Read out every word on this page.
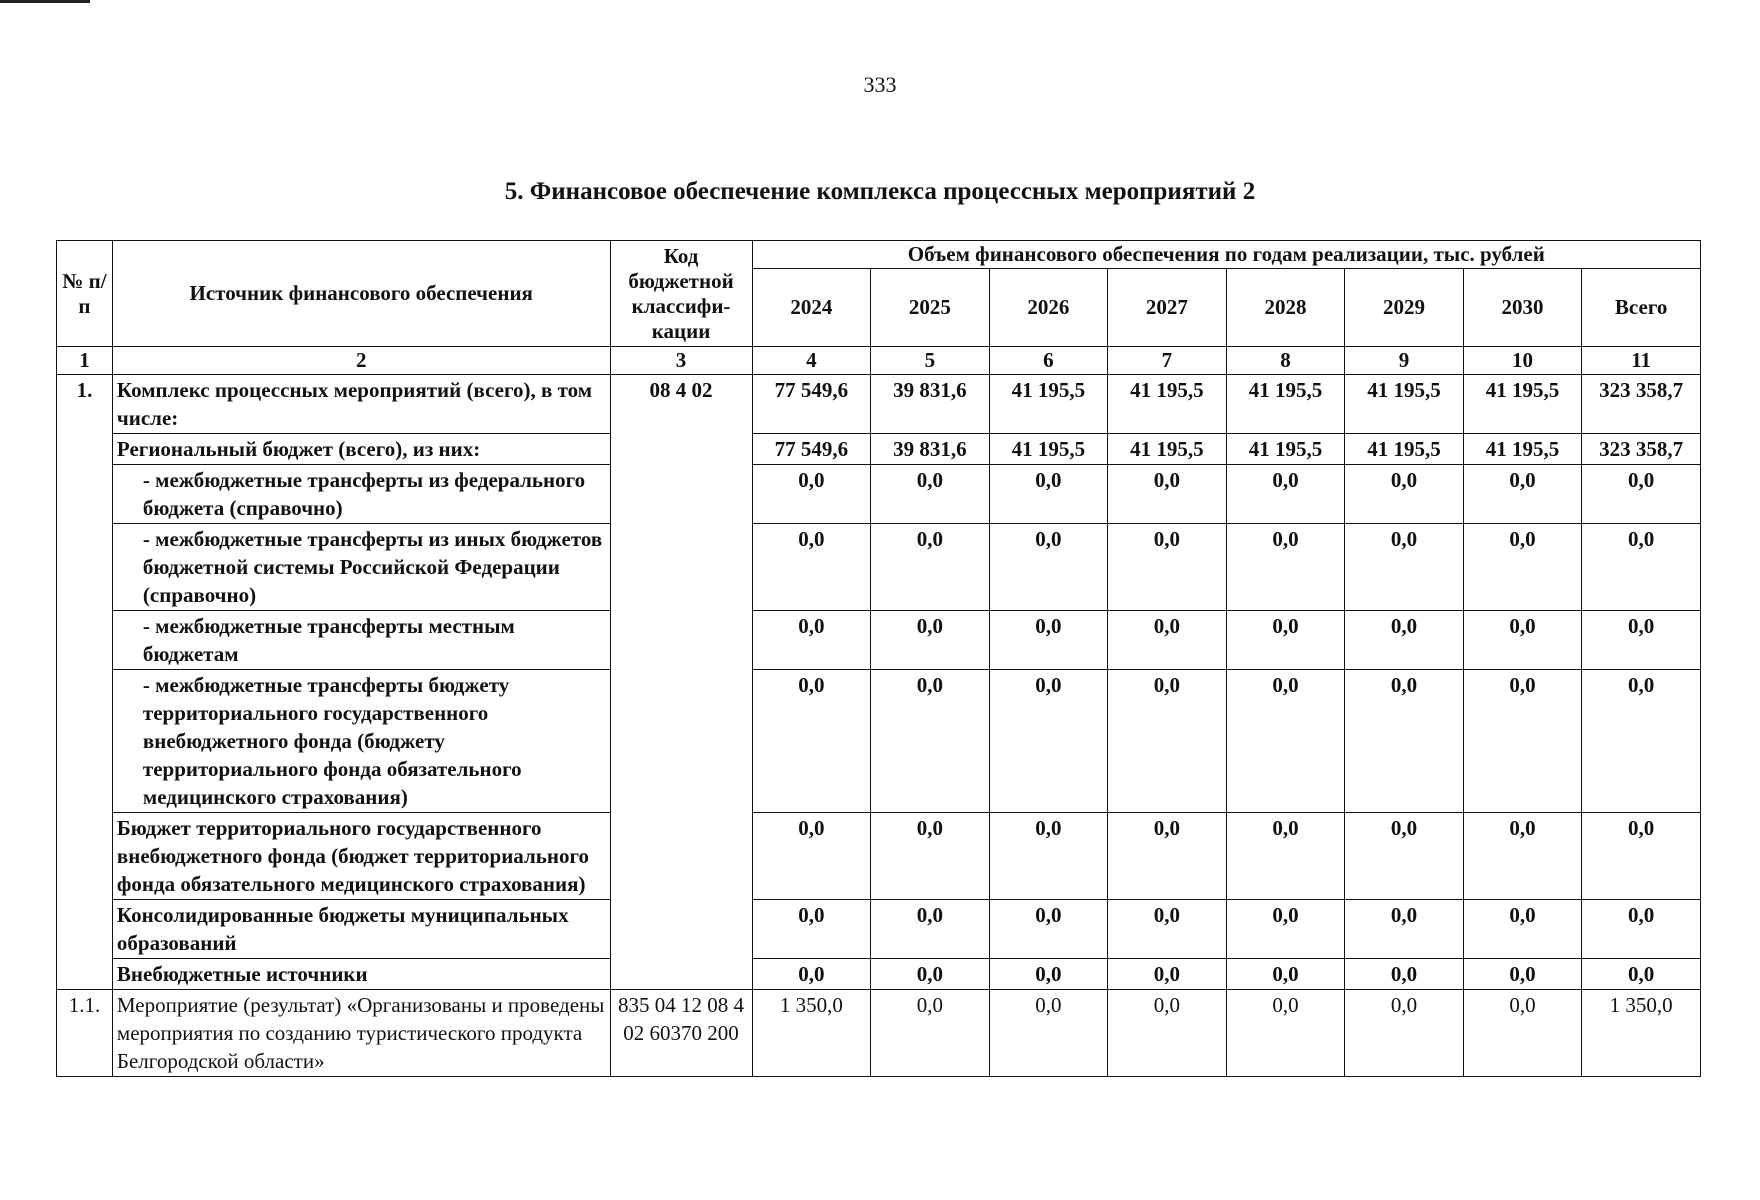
333
5. Финансовое обеспечение комплекса процессных мероприятий 2
№ п/п	Источник финансового обеспечения	Код бюджетной классифи-кации	Объем финансового обеспечения по годам реализации, тыс. рублей							
			2024	2025	2026	2027	2028	2029	2030	Всего
1	2	3	4	5	6	7	8	9	10	11
1.	Комплекс процессных мероприятий (всего), в том числе:	08 4 02	77 549,6	39 831,6	41 195,5	41 195,5	41 195,5	41 195,5	41 195,5	323 358,7
	Региональный бюджет (всего), из них:		77 549,6	39 831,6	41 195,5	41 195,5	41 195,5	41 195,5	41 195,5	323 358,7
	- межбюджетные трансферты из федерального бюджета (справочно)		0,0	0,0	0,0	0,0	0,0	0,0	0,0	0,0
	- межбюджетные трансферты из иных бюджетов бюджетной системы Российской Федерации (справочно)		0,0	0,0	0,0	0,0	0,0	0,0	0,0	0,0
	- межбюджетные трансферты местным бюджетам		0,0	0,0	0,0	0,0	0,0	0,0	0,0	0,0
	- межбюджетные трансферты бюджету территориального государственного внебюджетного фонда (бюджету территориального фонда обязательного медицинского страхования)		0,0	0,0	0,0	0,0	0,0	0,0	0,0	0,0
	Бюджет территориального государственного внебюджетного фонда (бюджет территориального фонда обязательного медицинского страхования)		0,0	0,0	0,0	0,0	0,0	0,0	0,0	0,0
	Консолидированные бюджеты муниципальных образований		0,0	0,0	0,0	0,0	0,0	0,0	0,0	0,0
	Внебюджетные источники		0,0	0,0	0,0	0,0	0,0	0,0	0,0	0,0
1.1.	Мероприятие (результат) «Организованы и проведены мероприятия по созданию туристического продукта Белгородской области»	835 04 12 08 4 02 60370 200	1 350,0	0,0	0,0	0,0	0,0	0,0	0,0	1 350,0
